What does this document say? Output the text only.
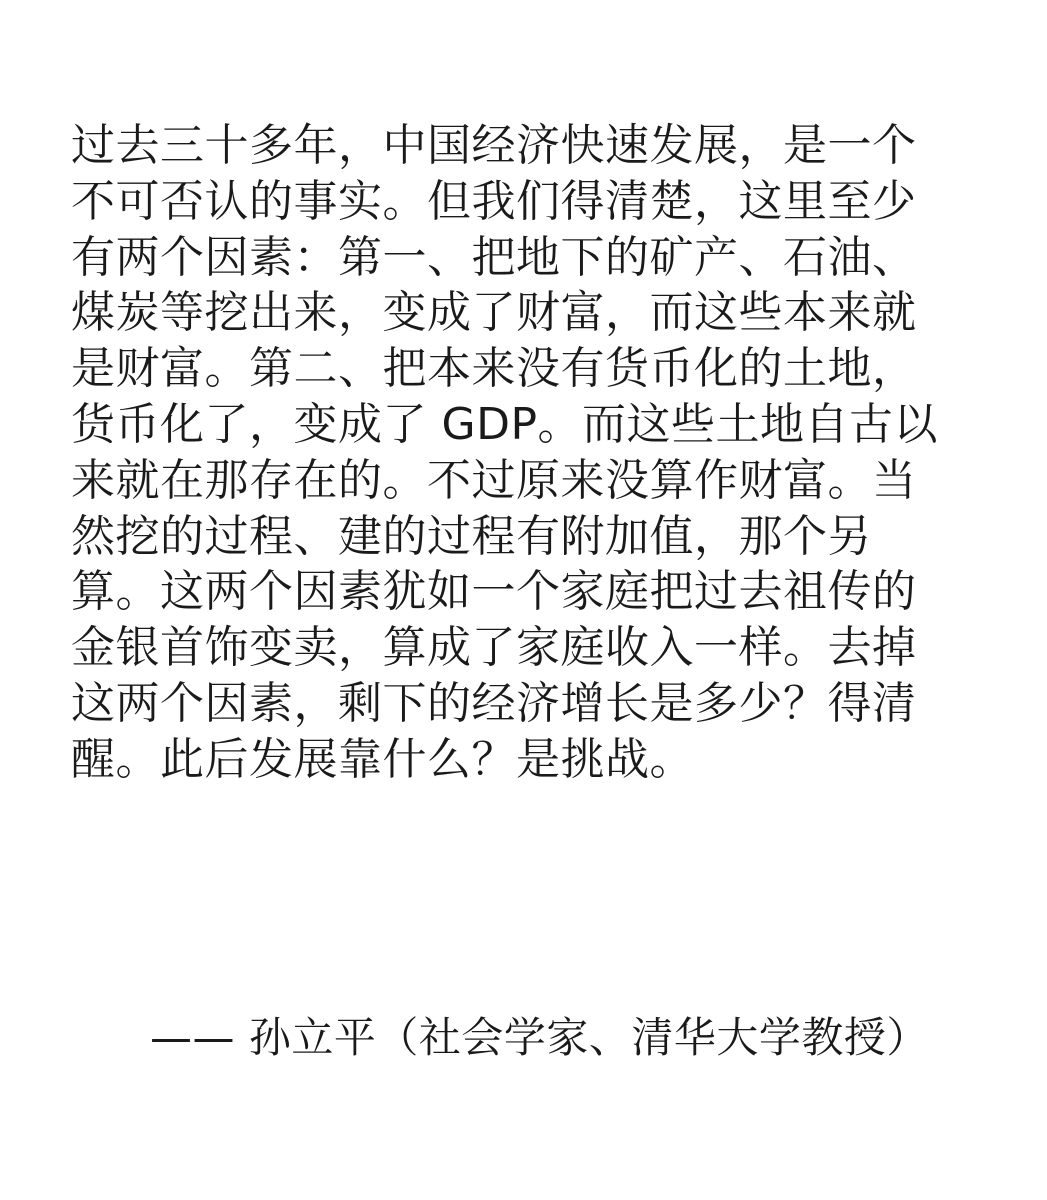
过去三十多年，中国经济快速发展，是一个
不可否认的事实。但我们得清楚，这里至少
有两个因素：第一、把地下的矿产、石油、
煤炭等挖出来，变成了财富，而这些本来就
是财富。第二、把本来没有货币化的土地，
货币化了，变成了 GDP。而这些土地自古以
来就在那存在的。不过原来没算作财富。当
然挖的过程、建的过程有附加值，那个另
算。这两个因素犹如一个家庭把过去祖传的
金银首饰变卖，算成了家庭收入一样。去掉
这两个因素，剩下的经济增长是多少？得清
醒。此后发展靠什么？是挑战。
—— 孙立平（社会学家、清华大学教授）
